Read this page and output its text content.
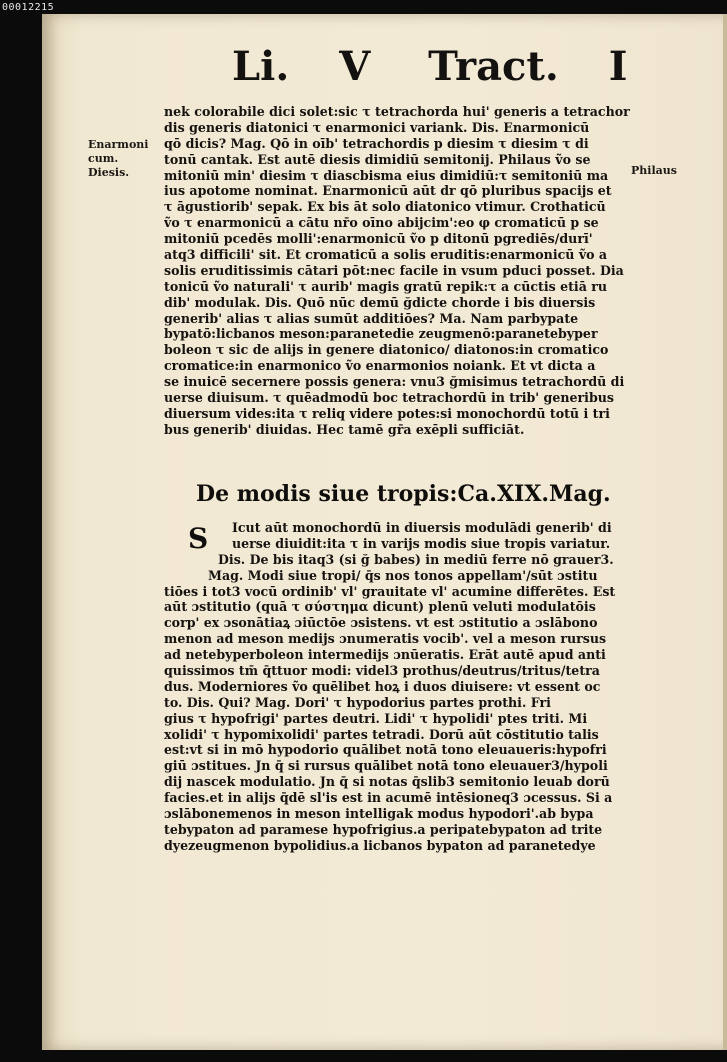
00012215
Li. V Tract. I
Enarmoni
cum.
Diesis.	Philaus
nek colorabile dici solet:sic τ tetrachorda hui' generis a tetrachor
dis generis diatonici τ enarmonici variank. Dis. Enarmonicū
qō dicis? Mag. Qō in oīb' tetrachordis p diesim τ diesim τ di
tonū cantak. Est autē diesis dimidiū semitonij. Philaus ṽo se
mitoniū min' diesim τ diascbisma eius dimidiū:τ semitoniū ma
ius apotome nominat. Enarmonicū aūt dr qō pluribus spacijs et
τ āgustiorib' sepak. Ex bis āt solo diatonico vtimur. Crothaticū
ṽo τ enarmonicū a cātu nr̄o oīno abijcim':eo φ cromaticū p se
mitoniū pcedēs molli':enarmonicū ṽo p ditonū pgrediēs/durī'
atq3 difficili' sit. Et cromaticū a solis eruditis:enarmonicū ṽo a
solis eruditissimis cātari pōt:nec facile in vsum pduci posset. Dia
tonicū ṽo naturali' τ aurib' magis gratū repik:τ a cūctis etiā ru
dib' modulak. Dis. Quō nūc demū ğdicte chorde i bis diuersis
generib' alias τ alias sumūt additiōes? Ma. Nam parbypate
bypatō:licbanos meson:paranetedie zeugmenō:paranetebyper
boleon τ sic de alijs in genere diatonico/ diatonos:in cromatico
cromatice:in enarmonico ṽo enarmonios noiank. Et vt dicta a
se inuicē secernere possis genera: vnu3 ğmisimus tetrachordū di
uerse diuisum. τ quēadmodū boc tetrachordū in trib' generibus
diuersum vides:ita τ reliq videre potes:si monochordū totū i tri
bus generib' diuidas. Hec tamē gr̄a exēpli sufficiāt.
De modis siue tropis:Ca.XIX.Mag.
S	Icut aūt monochordū in diuersis modulādi generib' di
uerse diuidit:ita τ in varijs modis siue tropis variatur.
Dis. De bis itaq3 (si ğ babes) in mediū ferre nō grauer3.
Mag. Modi siue tropi/ q̄s nos tonos appellam'/sūt ɔstitu
tiōes i tot3 vocū ordinib' vl' grauitate vl' acumine differētes. Est
aūt ɔstitutio (quā τ σύστημα dicunt) plenū veluti modulatōis
corp' ex ɔsonātiaꝝ ɔiūctōe ɔsistens. vt est ɔstitutio a ɔslābono
menon ad meson medijs ɔnumeratis vocib'. vel a meson rursus
ad netebyperboleon intermedijs ɔnūeratis. Erāt autē apud anti
quissimos tm̄ q̄ttuor modi: videl3 prothus/deutrus/tritus/tetra
dus. Moderniores ṽo quēlibet hoꝝ i duos diuisere: vt essent oc
to. Dis. Qui? Mag. Dori' τ hypodorius partes prothi. Fri
gius τ hypofrigi' partes deutri. Lidi' τ hypolidi' ptes triti. Mi
xolidi' τ hypomixolidi' partes tetradi. Dorū aūt cōstitutio talis
est:vt si in mō hypodorio quālibet notā tono eleuaueris:hypofri
giū ɔstitues. Jn q̄ si rursus quālibet notā tono eleuauer3/hypoli
dij nascek modulatio. Jn q̄ si notas q̄slib3 semitonio leuab dorū
facies.et in alijs q̄dē sl'is est in acumē intēsioneq3 ɔcessus. Si a
ɔslābonemenos in meson intelligak modus hypodori'.ab bypa
tebypaton ad paramese hypofrigius.a peripatebypaton ad trite
dyezeugmenon bypolidius.a licbanos bypaton ad paranetedye
